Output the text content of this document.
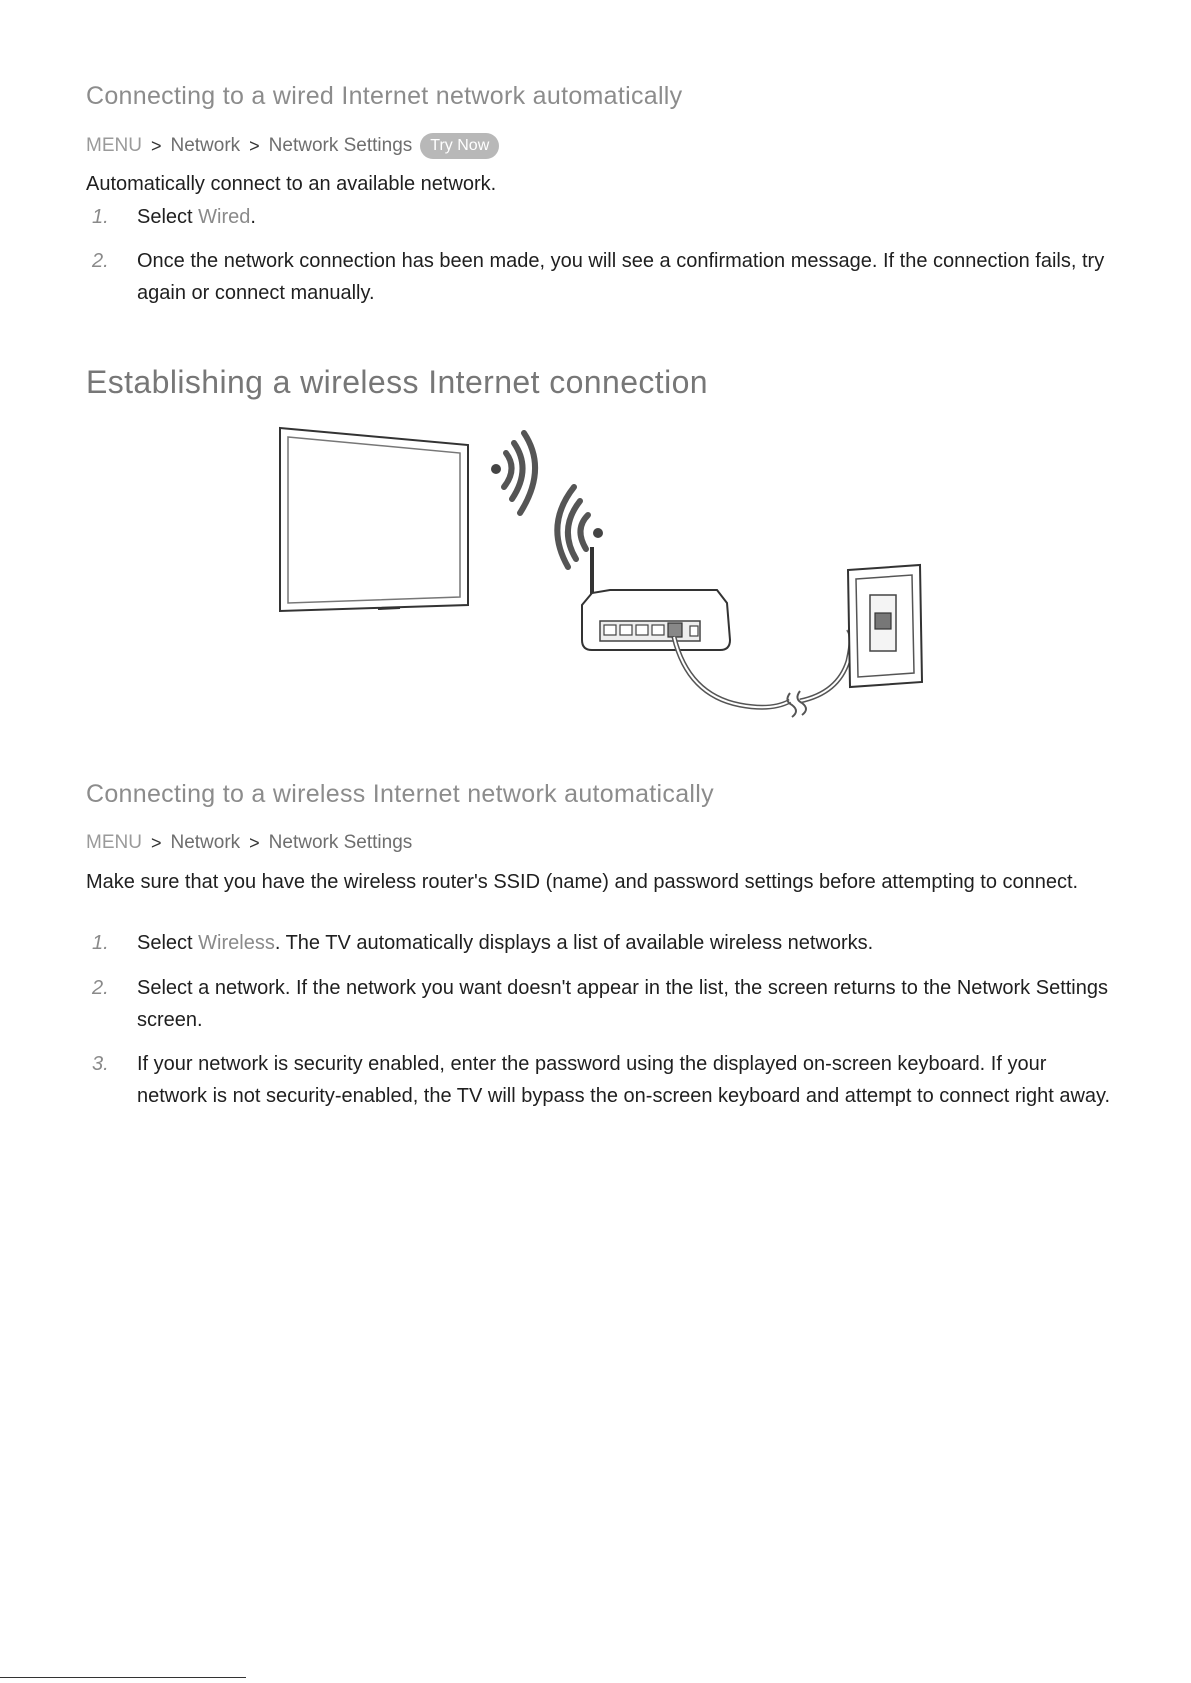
Connecting to a wired Internet network automatically
MENU > Network > Network Settings	Try Now

Automatically connect to an available network.

1. Select Wired.
2. Once the network connection has been made, you will see a confirmation message. If the connection fails, try again or connect manually.
Establishing a wireless Internet connection
Connecting to a wireless Internet network automatically
MENU > Network > Network Settings

Make sure that you have the wireless router's SSID (name) and password settings before attempting to connect.

1. Select Wireless. The TV automatically displays a list of available wireless networks.
2. Select a network. If the network you want doesn't appear in the list, the screen returns to the Network Settings screen.
3. If your network is security enabled, enter the password using the displayed on-screen keyboard. If your network is not security-enabled, the TV will bypass the on-screen keyboard and attempt to connect right away.
